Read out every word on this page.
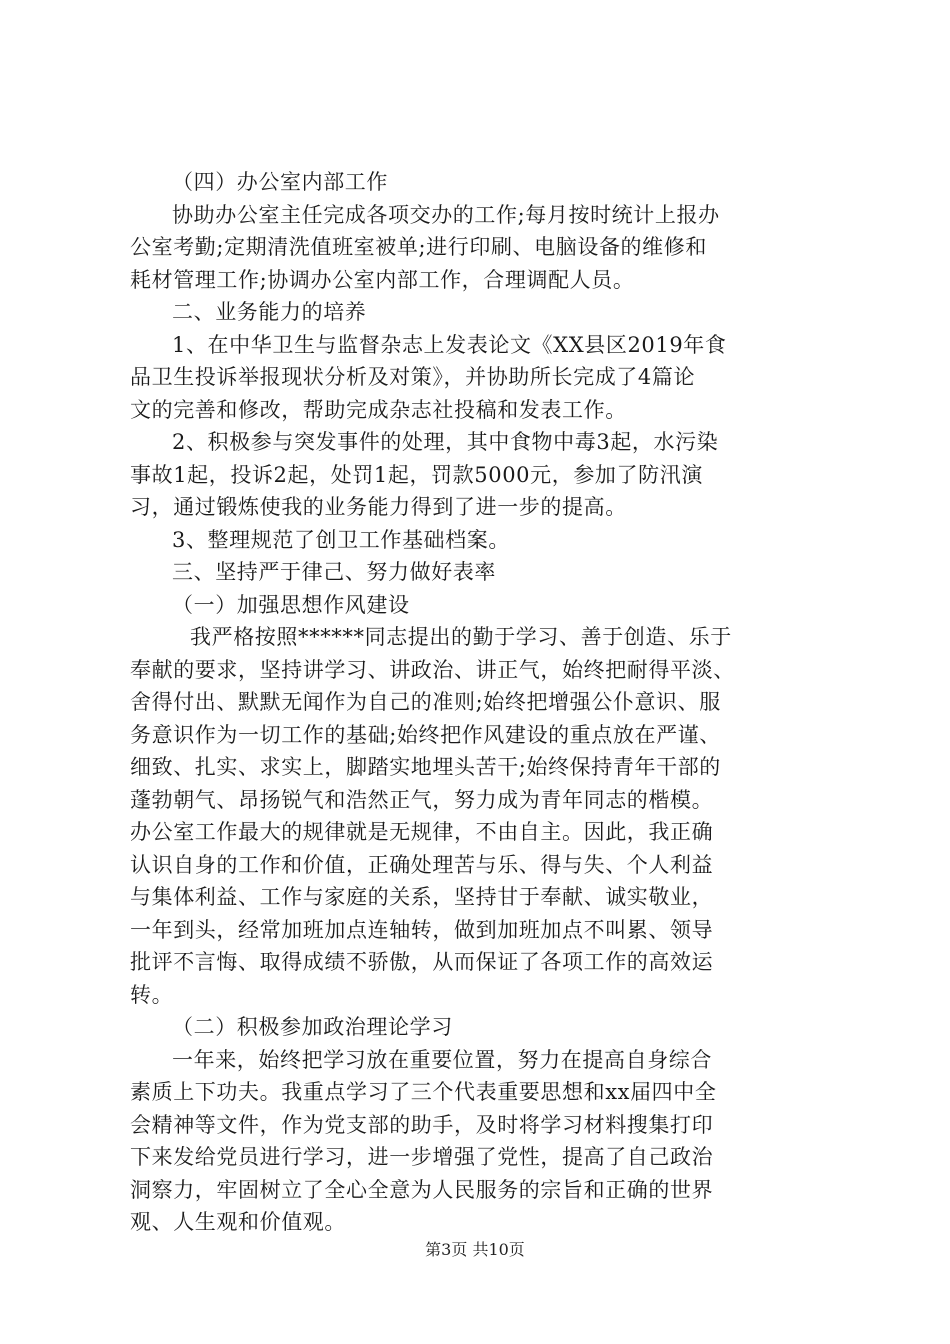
（四）办公室内部工作
协助办公室主任完成各项交办的工作;每月按时统计上报办
公室考勤;定期清洗值班室被单;进行印刷、电脑设备的维修和
耗材管理工作;协调办公室内部工作，合理调配人员。
二、业务能力的培养
1、在中华卫生与监督杂志上发表论文《XX县区2019年食
品卫生投诉举报现状分析及对策》，并协助所长完成了4篇论
文的完善和修改，帮助完成杂志社投稿和发表工作。
2、积极参与突发事件的处理，其中食物中毒3起，水污染
事故1起，投诉2起，处罚1起，罚款5000元，参加了防汛演
习，通过锻炼使我的业务能力得到了进一步的提高。
3、整理规范了创卫工作基础档案。
三、坚持严于律己、努力做好表率
（一）加强思想作风建设
我严格按照******同志提出的勤于学习、善于创造、乐于
奉献的要求，坚持讲学习、讲政治、讲正气，始终把耐得平淡、
舍得付出、默默无闻作为自己的准则;始终把增强公仆意识、服
务意识作为一切工作的基础;始终把作风建设的重点放在严谨、
细致、扎实、求实上，脚踏实地埋头苦干;始终保持青年干部的
蓬勃朝气、昂扬锐气和浩然正气，努力成为青年同志的楷模。
办公室工作最大的规律就是无规律，不由自主。因此，我正确
认识自身的工作和价值，正确处理苦与乐、得与失、个人利益
与集体利益、工作与家庭的关系，坚持甘于奉献、诚实敬业，
一年到头，经常加班加点连轴转，做到加班加点不叫累、领导
批评不言悔、取得成绩不骄傲，从而保证了各项工作的高效运
转。
（二）积极参加政治理论学习
一年来，始终把学习放在重要位置，努力在提高自身综合
素质上下功夫。我重点学习了三个代表重要思想和xx届四中全
会精神等文件，作为党支部的助手，及时将学习材料搜集打印
下来发给党员进行学习，进一步增强了党性，提高了自己政治
洞察力，牢固树立了全心全意为人民服务的宗旨和正确的世界
观、人生观和价值观。
第3页 共10页
